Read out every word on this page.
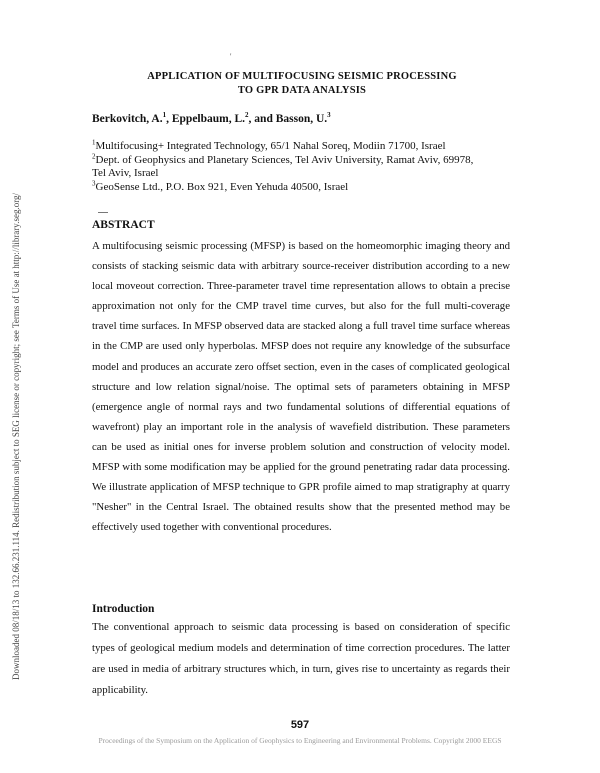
Downloaded 08/18/13 to 132.66.231.114. Redistribution subject to SEG license or copyright; see Terms of Use at http://library.seg.org/
'
APPLICATION OF MULTIFOCUSING SEISMIC PROCESSING
TO GPR DATA ANALYSIS
Berkovitch, A.$^1$, Eppelbaum, L.$^2$, and Basson, U.$^3$
$^1$Multifocusing+ Integrated Technology, 65/1 Nahal Soreq, Modiin 71700, Israel
$^2$Dept. of Geophysics and Planetary Sciences, Tel Aviv University, Ramat Aviv, 69978,
Tel Aviv, Israel
$^3$GeoSense Ltd., P.O. Box 921, Even Yehuda 40500, Israel
ABSTRACT
A multifocusing seismic processing (MFSP) is based on the homeomorphic imaging theory and consists of stacking seismic data with arbitrary source-receiver distribution according to a new local moveout correction. Three-parameter travel time representation allows to obtain a precise approximation not only for the CMP travel time curves, but also for the full multi-coverage travel time surfaces. In MFSP observed data are stacked along a full travel time surface whereas in the CMP are used only hyperbolas. MFSP does not require any knowledge of the subsurface model and produces an accurate zero offset section, even in the cases of complicated geological structure and low relation signal/noise. The optimal sets of parameters obtaining in MFSP (emergence angle of normal rays and two fundamental solutions of differential equations of wavefront) play an important role in the analysis of wavefield distribution. These parameters can be used as initial ones for inverse problem solution and construction of velocity model. MFSP with some modification may be applied for the ground penetrating radar data processing. We illustrate application of MFSP technique to GPR profile aimed to map stratigraphy at quarry "Nesher" in the Central Israel. The obtained results show that the presented method may be effectively used together with conventional procedures.
Introduction
The conventional approach to seismic data processing is based on consideration of specific types of geological medium models and determination of time correction procedures. The latter are used in media of arbitrary structures which, in turn, gives rise to uncertainty as regards their applicability.
597
Proceedings of the Symposium on the Application of Geophysics to Engineering and Environmental Problems. Copyright 2000 EEGS
